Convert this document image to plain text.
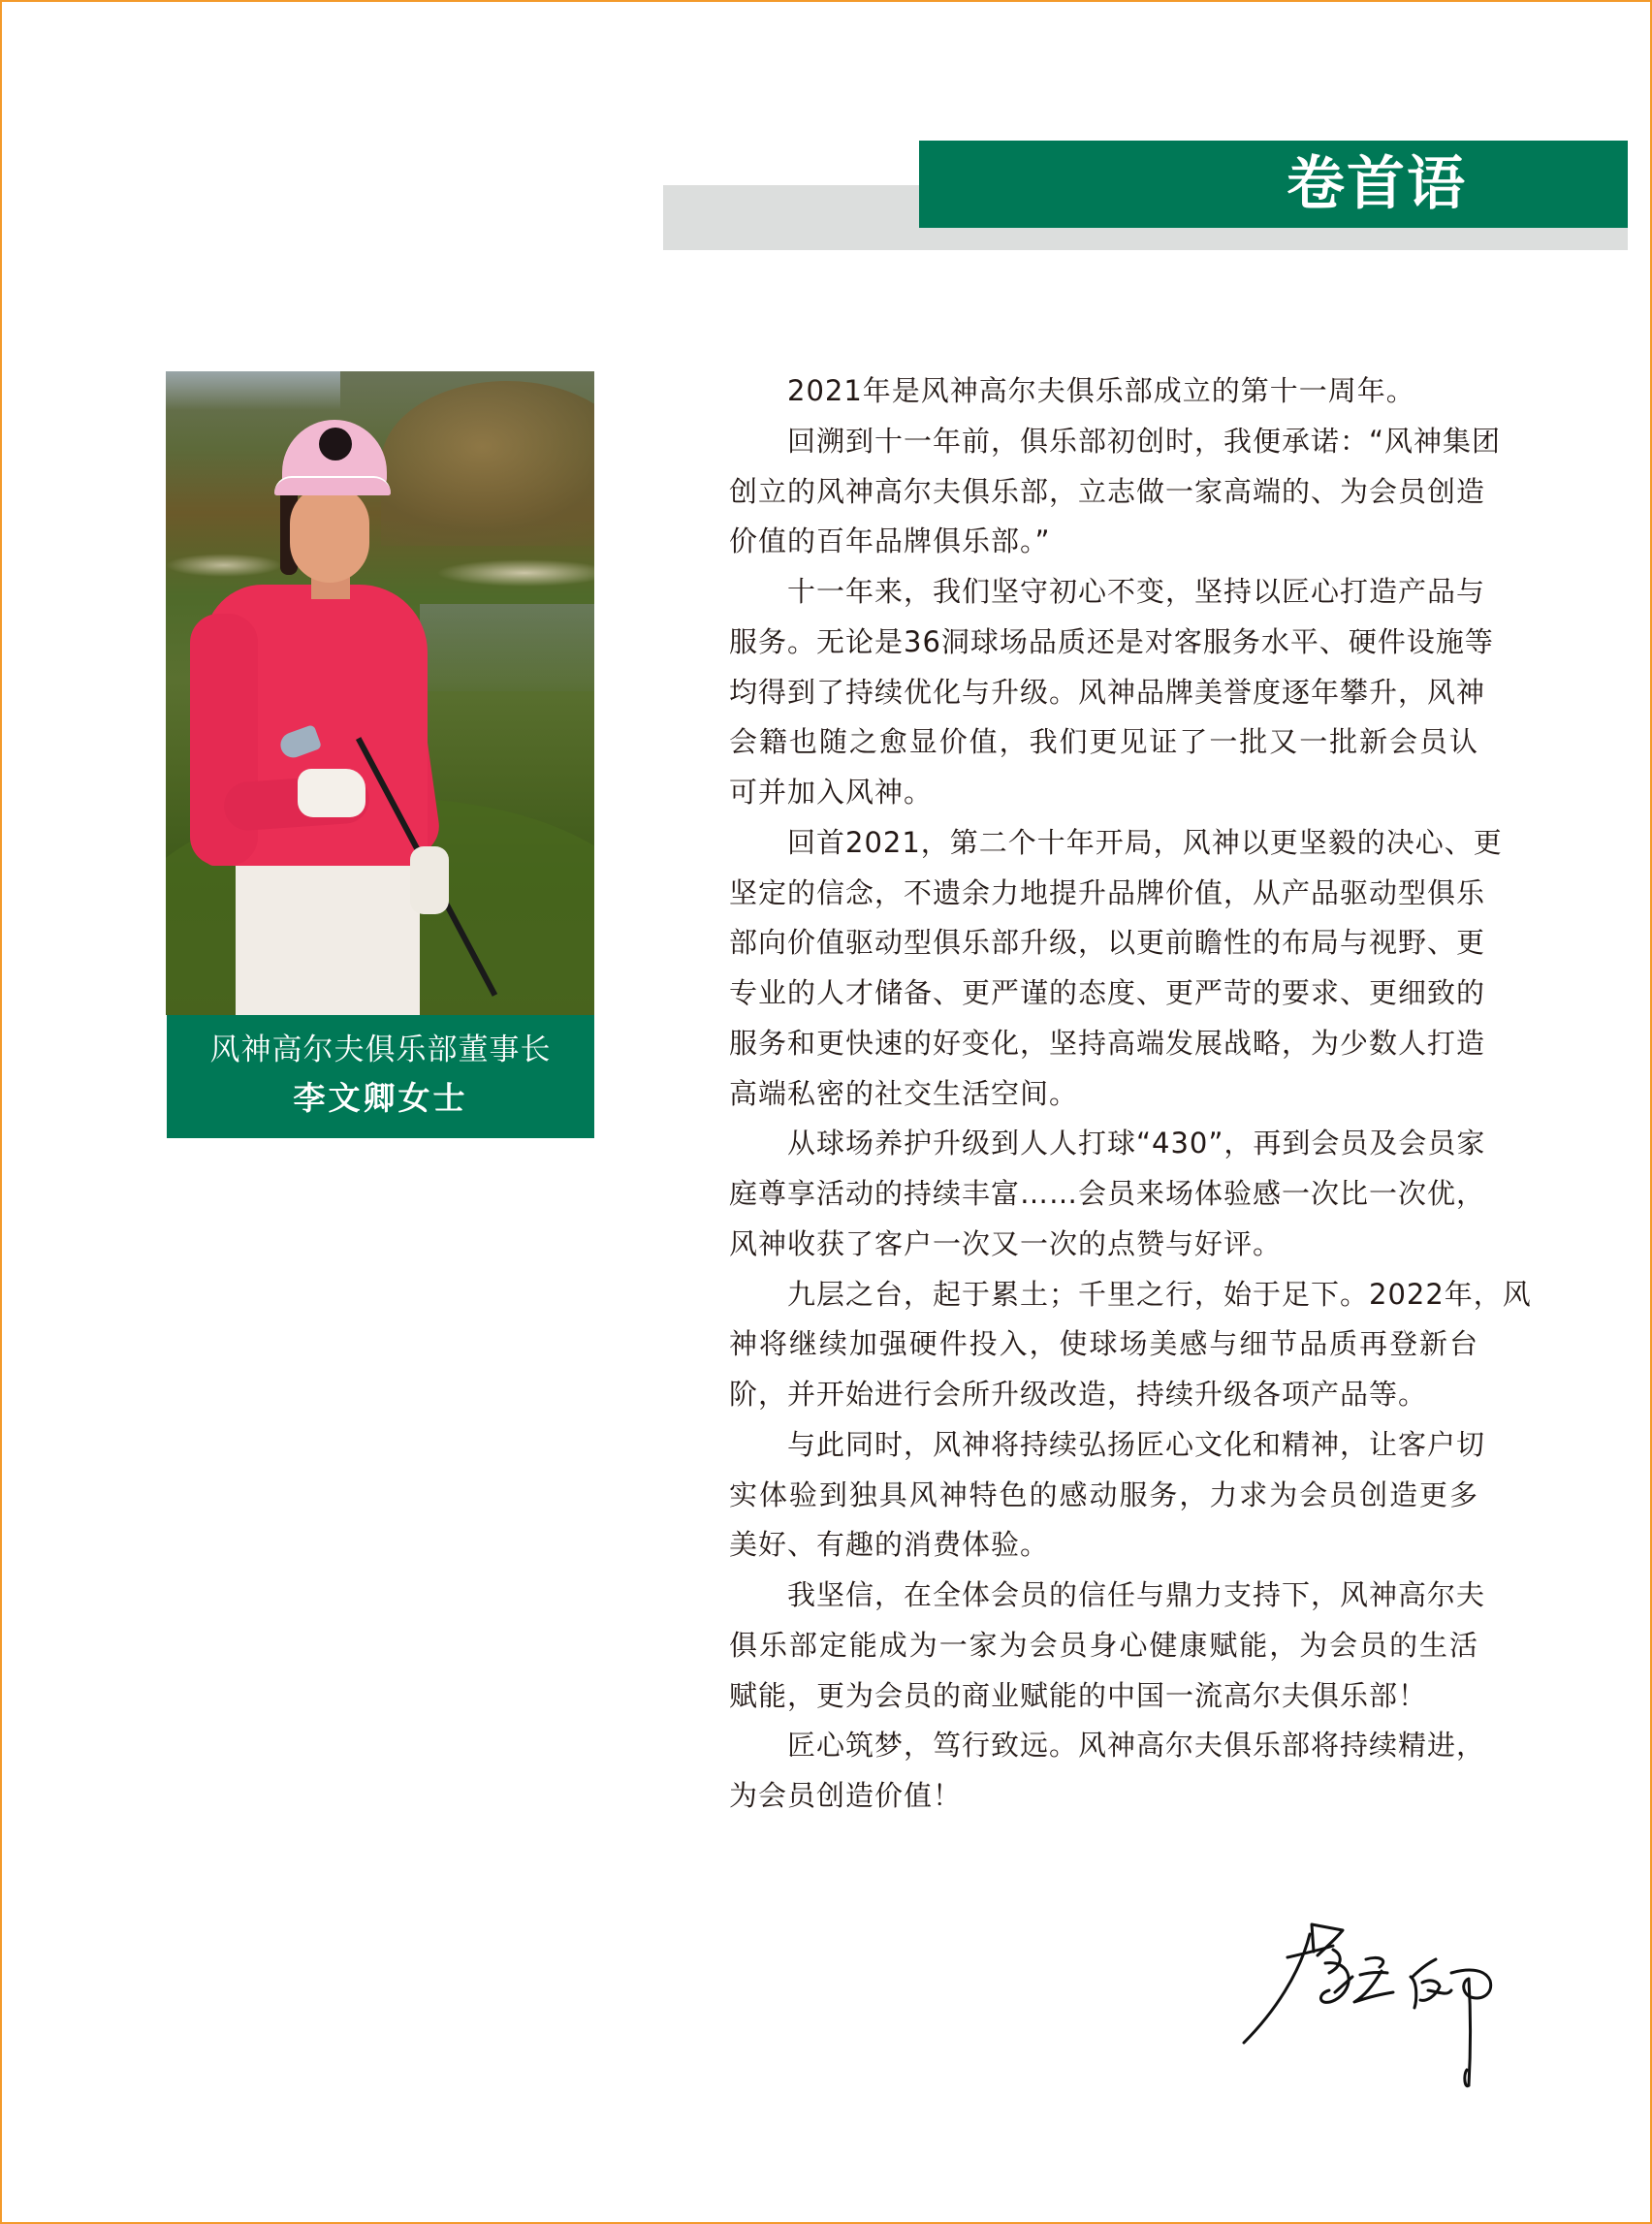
卷首语
风神高尔夫俱乐部董事长
李文卿女士
2021年是风神高尔夫俱乐部成立的第十一周年。
回溯到十一年前，俱乐部初创时，我便承诺：“风神集团
创立的风神高尔夫俱乐部，立志做一家高端的、为会员创造
价值的百年品牌俱乐部。”
十一年来，我们坚守初心不变，坚持以匠心打造产品与
服务。无论是36洞球场品质还是对客服务水平、硬件设施等
均得到了持续优化与升级。风神品牌美誉度逐年攀升，风神
会籍也随之愈显价值，我们更见证了一批又一批新会员认
可并加入风神。
回首2021，第二个十年开局，风神以更坚毅的决心、更
坚定的信念，不遗余力地提升品牌价值，从产品驱动型俱乐
部向价值驱动型俱乐部升级，以更前瞻性的布局与视野、更
专业的人才储备、更严谨的态度、更严苛的要求、更细致的
服务和更快速的好变化，坚持高端发展战略，为少数人打造
高端私密的社交生活空间。
从球场养护升级到人人打球“430”，再到会员及会员家
庭尊享活动的持续丰富……会员来场体验感一次比一次优，
风神收获了客户一次又一次的点赞与好评。
九层之台，起于累土；千里之行，始于足下。2022年，风
神将继续加强硬件投入，使球场美感与细节品质再登新台
阶，并开始进行会所升级改造，持续升级各项产品等。
与此同时，风神将持续弘扬匠心文化和精神，让客户切
实体验到独具风神特色的感动服务，力求为会员创造更多
美好、有趣的消费体验。
我坚信，在全体会员的信任与鼎力支持下，风神高尔夫
俱乐部定能成为一家为会员身心健康赋能，为会员的生活
赋能，更为会员的商业赋能的中国一流高尔夫俱乐部！
匠心筑梦，笃行致远。风神高尔夫俱乐部将持续精进，
为会员创造价值！
